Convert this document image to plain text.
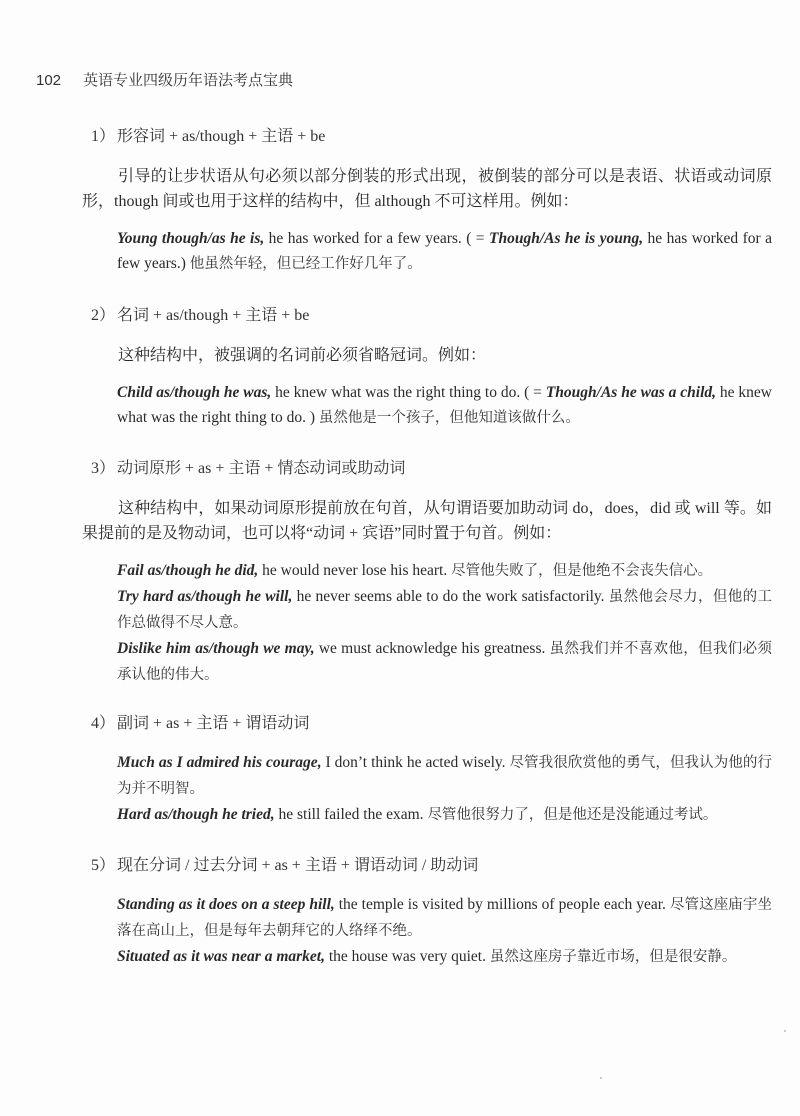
102 英语专业四级历年语法考点宝典
1） 形容词 + as/though + 主语 + be
引导的让步状语从句必须以部分倒装的形式出现，被倒装的部分可以是表语、状语或动词原形，though 间或也用于这样的结构中，但 although 不可这样用。例如：
Young though/as he is, he has worked for a few years. ( = Though/As he is young, he has worked for a few years.) 他虽然年轻，但已经工作好几年了。
2） 名词 + as/though + 主语 + be
这种结构中，被强调的名词前必须省略冠词。例如：
Child as/though he was, he knew what was the right thing to do. ( = Though/As he was a child, he knew what was the right thing to do. ) 虽然他是一个孩子，但他知道该做什么。
3） 动词原形 + as + 主语 + 情态动词或助动词
这种结构中，如果动词原形提前放在句首，从句谓语要加助动词 do，does，did 或 will 等。如果提前的是及物动词，也可以将“动词 + 宾语”同时置于句首。例如：
Fail as/though he did, he would never lose his heart. 尽管他失败了，但是他绝不会丧失信心。
Try hard as/though he will, he never seems able to do the work satisfactorily. 虽然他会尽力，但他的工作总做得不尽人意。
Dislike him as/though we may, we must acknowledge his greatness. 虽然我们并不喜欢他，但我们必须承认他的伟大。
4） 副词 + as + 主语 + 谓语动词
Much as I admired his courage, I don’t think he acted wisely. 尽管我很欣赏他的勇气，但我认为他的行为并不明智。
Hard as/though he tried, he still failed the exam. 尽管他很努力了，但是他还是没能通过考试。
5） 现在分词 / 过去分词 + as + 主语 + 谓语动词 / 助动词
Standing as it does on a steep hill, the temple is visited by millions of people each year. 尽管这座庙宇坐落在高山上，但是每年去朝拜它的人络绎不绝。
Situated as it was near a market, the house was very quiet. 虽然这座房子靠近市场，但是很安静。
